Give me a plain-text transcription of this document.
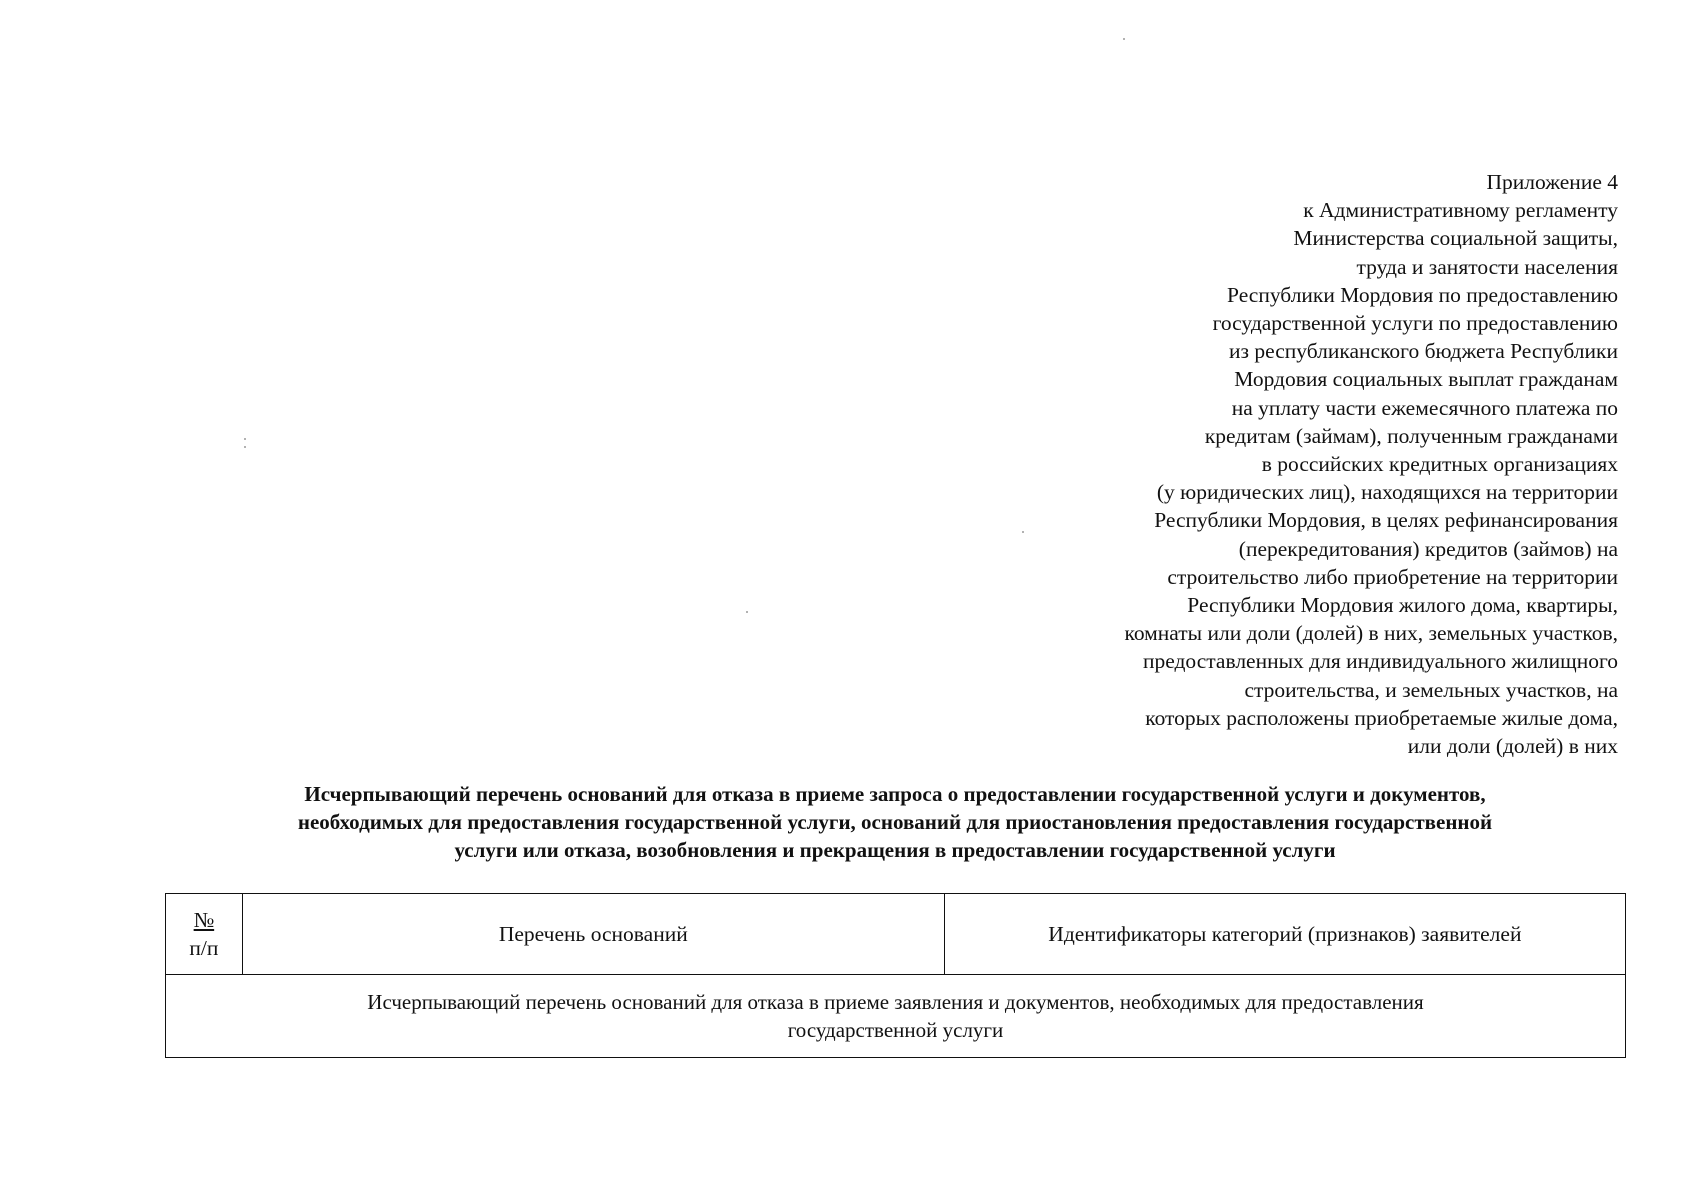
Приложение 4
к Административному регламенту
Министерства социальной защиты,
труда и занятости населения
Республики Мордовия по предоставлению
государственной услуги по предоставлению
из республиканского бюджета Республики
Мордовия социальных выплат гражданам
на уплату части ежемесячного платежа по
кредитам (займам), полученным гражданами
в российских кредитных организациях
(у юридических лиц), находящихся на территории
Республики Мордовия, в целях рефинансирования
(перекредитования) кредитов (займов) на
строительство либо приобретение на территории
Республики Мордовия жилого дома, квартиры,
комнаты или доли (долей) в них, земельных участков,
предоставленных для индивидуального жилищного
строительства, и земельных участков, на
которых расположены приобретаемые жилые дома,
или доли (долей) в них
Исчерпывающий перечень оснований для отказа в приеме запроса о предоставлении государственной услуги и документов,
необходимых для предоставления государственной услуги, оснований для приостановления предоставления государственной
услуги или отказа, возобновления и прекращения в предоставлении государственной услуги
№
п/п	Перечень оснований	Идентификаторы категорий (признаков) заявителей

Исчерпывающий перечень оснований для отказа в приеме заявления и документов, необходимых для предоставления
государственной услуги
